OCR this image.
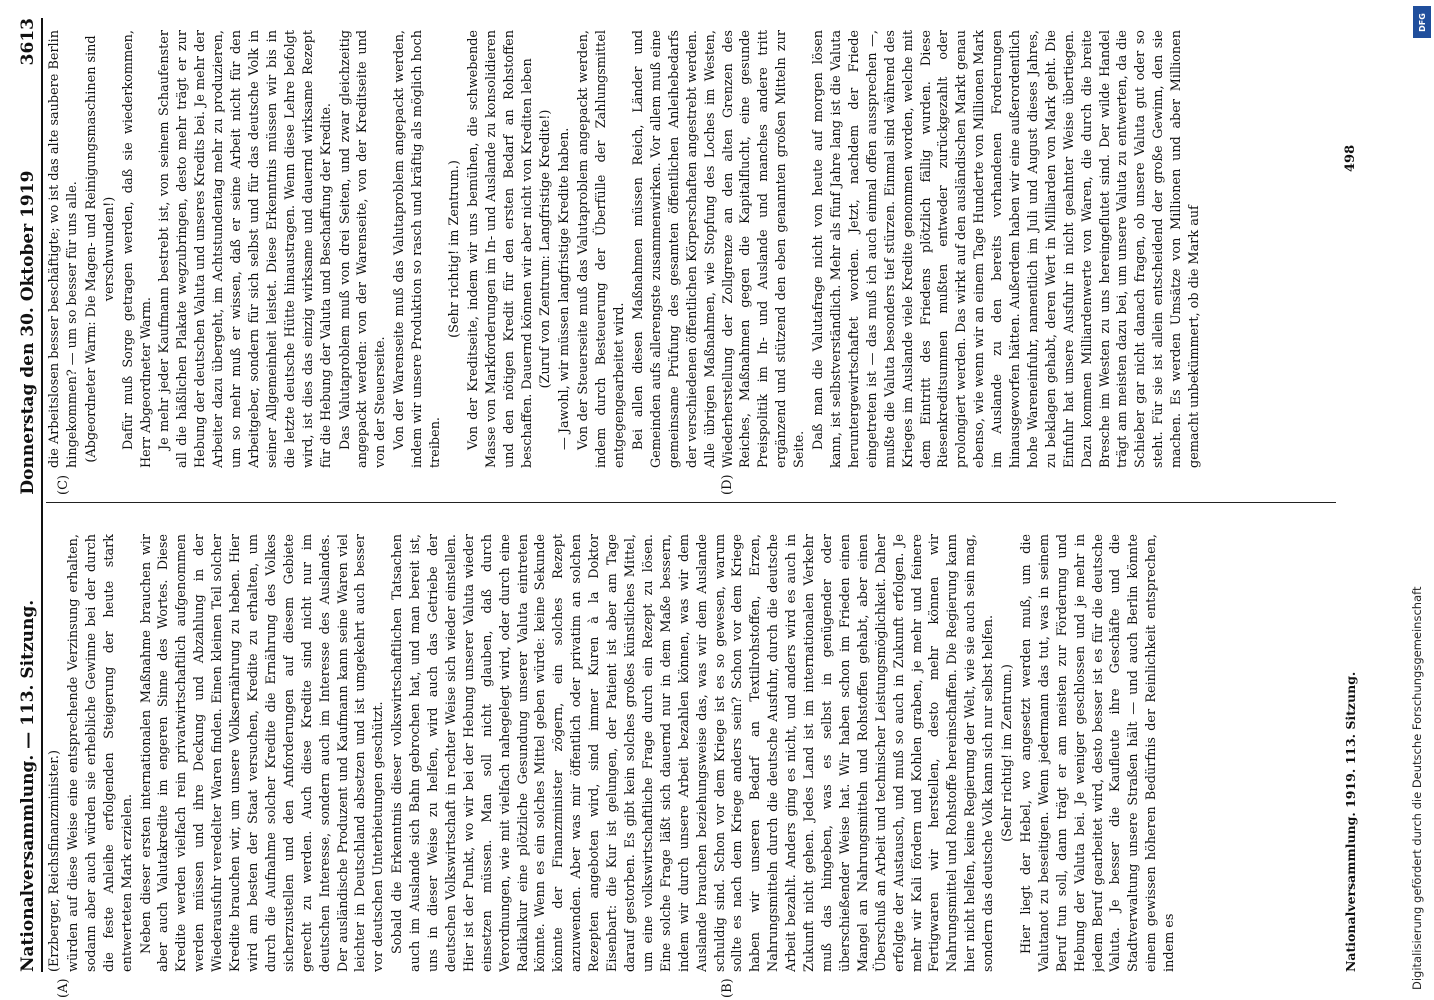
Nationalversammlung. — 113. Sitzung.
Donnerstag den 30. Oktober 1919
3613
(A)	(B)
(C)	(D)

(Erzberger, Reichsfinanzminister.) würden auf diese Weise eine entsprechende Verzinsung erhalten, sodann aber auch würden sie erhebliche Gewinne bei der durch die feste Anleihe erfolgenden Steigerung der heute stark entwerteten Mark erzielen. Neben dieser ersten internationalen Maßnahme brauchen wir aber auch Valutakredite im engeren Sinne des Wortes. Diese Kredite werden vielfach rein privatwirtschaftlich aufgenommen werden müssen und ihre Deckung und Abzahlung in der Wiederausfuhr veredelter Waren finden. Einen kleinen Teil solcher Kredite brauchen wir, um unsere Volksernährung zu heben. Hier wird am besten der Staat versuchen, Kredite zu erhalten, um durch die Aufnahme solcher Kredite die Ernährung des Volkes sicherzustellen und den Anforderungen auf diesem Gebiete gerecht zu werden. Auch diese Kredite sind nicht nur im deutschen Interesse, sondern auch im Interesse des Auslandes. Der ausländische Produzent und Kaufmann kann seine Waren viel leichter in Deutschland absetzen und ist umgekehrt auch besser vor deutschen Unterbietungen geschützt. Sobald die Erkenntnis dieser volkswirtschaftlichen Tatsachen auch im Auslande sich Bahn gebrochen hat, und man bereit ist, uns in dieser Weise zu helfen, wird auch das Getriebe der deutschen Volkswirtschaft in rechter Weise sich wieder einstellen. Hier ist der Punkt, wo wir bei der Hebung unserer Valuta wieder einsetzen müssen. Man soll nicht glauben, daß durch Verordnungen, wie mit vielfach nahegelegt wird, oder durch eine Radikalkur eine plötzliche Gesundung unserer Valuta eintreten könnte. Wenn es ein solches Mittel geben würde: keine Sekunde könnte der Finanzminister zögern, ein solches Rezept anzuwenden. Aber was mir öffentlich oder privatim an solchen Rezepten angeboten wird, sind immer Kuren à la Doktor Eisenbart: die Kur ist gelungen, der Patient ist aber am Tage darauf gestorben. Es gibt kein solches großes künstliches Mittel, um eine volkswirtschaftliche Frage durch ein Rezept zu lösen. Eine solche Frage läßt sich dauernd nur in dem Maße bessern, indem wir durch unsere Arbeit bezahlen können, was wir dem Auslande brauchen beziehungsweise das, was wir dem Auslande schuldig sind. Schon vor dem Kriege ist es so gewesen, warum sollte es nach dem Kriege anders sein? Schon vor dem Kriege haben wir unseren Bedarf an Textilrohstoffen, Erzen, Nahrungsmitteln durch die deutsche Ausfuhr, durch die deutsche Arbeit bezahlt. Anders ging es nicht, und anders wird es auch in Zukunft nicht gehen. Jedes Land ist im internationalen Verkehr muß das hingeben, was es selbst in genügender oder überschießender Weise hat. Wir haben schon im Frieden einen Mangel an Nahrungsmitteln und Rohstoffen gehabt, aber einen Überschuß an Arbeit und technischer Leistungsmöglichkeit. Daher erfolgte der Austausch, und muß so auch in Zukunft erfolgen. Je mehr wir Kali fördern und Kohlen graben, je mehr und feinere Fertigwaren wir herstellen, desto mehr können wir Nahrungsmittel und Rohstoffe hereinschaffen. Die Regierung kann hier nicht helfen, keine Regierung der Welt, wie sie auch sein mag, sondern das deutsche Volk kann sich nur selbst helfen. (Sehr richtig! im Zentrum.) Hier liegt der Hebel, wo angesetzt werden muß, um die Valutanot zu beseitigen. Wenn jedermann das tut, was in seinem Beruf tun soll, dann trägt er am meisten zur Förderung und Hebung der Valuta bei. Je weniger geschlossen und je mehr in jedem Beruf gearbeitet wird, desto besser ist es für die deutsche Valuta. Je besser die Kaufleute ihre Geschäfte und die Stadtverwaltung unsere Straßen hält — und auch Berlin könnte einem gewissen höheren Bedürfnis der Reinlichkeit entsprechen, indem es

die Arbeitslosen besser beschäftigte; wo ist das alte saubere Berlin hingekommen? — um so besser für uns alle. (Abgeordneter Warm: Die Magen- und Reinigungsmaschinen sind verschwunden!) Dafür muß Sorge getragen werden, daß sie wiederkommen, Herr Abgeordneter Warm. Je mehr jeder Kaufmann bestrebt ist, von seinem Schaufenster all die häßlichen Plakate wegzubringen, desto mehr trägt er zur Hebung der deutschen Valuta und unseres Kredits bei. Je mehr der Arbeiter dazu übergeht, im Achtstundentag mehr zu produzieren, um so mehr muß er wissen, daß er seine Arbeit nicht für den Arbeitgeber, sondern für sich selbst und für das deutsche Volk in seiner Allgemeinheit leistet. Diese Erkenntnis müssen wir bis in die letzte deutsche Hütte hinaustragen. Wenn diese Lehre befolgt wird, ist dies das einzig wirksame und dauernd wirksame Rezept für die Hebung der Valuta und Beschaffung der Kredite. Das Valutaproblem muß von drei Seiten, und zwar gleichzeitig angepackt werden: von der Warenseite, von der Kreditseite und von der Steuerseite. Von der Warenseite muß das Valutaproblem angepackt werden, indem wir unsere Produktion so rasch und kräftig als möglich hoch treiben.

(Sehr richtig! im Zentrum.) Von der Kreditseite, indem wir uns bemühen, die schwebende Masse von Markforderungen im In- und Auslande zu konsolidieren und den nötigen Kredit für den ersten Bedarf an Rohstoffen beschaffen. Dauernd können wir aber nicht von Krediten leben (Zuruf von Zentrum: Langfristige Kredite!) — Jawohl, wir müssen langfristige Kredite haben. Von der Steuerseite muß das Valutaproblem angepackt werden, indem durch Besteuerung der Überfülle der Zahlungsmittel entgegengearbeitet wird. Bei allen diesen Maßnahmen müssen Reich, Länder und Gemeinden aufs allerengste zusammenwirken. Vor allem muß eine gemeinsame Prüfung des gesamten öffentlichen Anleihebedarfs der verschiedenen öffentlichen Körperschaften angestrebt werden. Alle übrigen Maßnahmen, wie Stopfung des Loches im Westen, Wiederherstellung der Zollgrenze an den alten Grenzen des Reiches, Maßnahmen gegen die Kapitalflucht, eine gesunde Preispolitik im In- und Auslande und manches andere tritt ergänzend und stützend den eben genannten großen Mitteln zur Seite. Daß man die Valutafrage nicht von heute auf morgen lösen kann, ist selbstverständlich. Mehr als fünf Jahre lang ist die Valuta heruntergewirtschaftet worden. Jetzt, nachdem der Friede eingetreten ist — das muß ich auch einmal offen aussprechen —, mußte die Valuta besonders tief stürzen. Einmal sind während des Krieges im Auslande viele Kredite genommen worden, welche mit dem Eintritt des Friedens plötzlich fällig wurden. Diese Riesenkreditsummen mußten entweder zurückgezahlt oder prolongiert werden. Das wirkt auf den ausländischen Markt genau ebenso, wie wenn wir an einem Tage Hunderte von Millionen Mark im Auslande zu den bereits vorhandenen Forderungen hinausgeworfen hätten. Außerdem haben wir eine außerordentlich hohe Wareneinfuhr, namentlich im Juli und August dieses Jahres, zu beklagen gehabt, deren Wert in Milliarden von Mark geht. Die Einfuhr hat unsere Ausfuhr in nicht geahnter Weise übertiegen. Dazu kommen Milliardenwerte von Waren, die durch die breite Bresche im Westen zu uns hereingeflutet sind. Der wilde Handel trägt am meisten dazu bei, um unsere Valuta zu entwerten, da die Schieber gar nicht danach fragen, ob unsere Valuta gut oder so steht. Für sie ist allein entscheidend der große Gewinn, den sie machen. Es werden Umsätze von Millionen und aber Millionen gemacht unbekümmert, ob die Mark auf

Nationalversammlung. 1919. 113. Sitzung.
498
DFG
Digitalisierung gefördert durch die Deutsche Forschungsgemeinschaft
